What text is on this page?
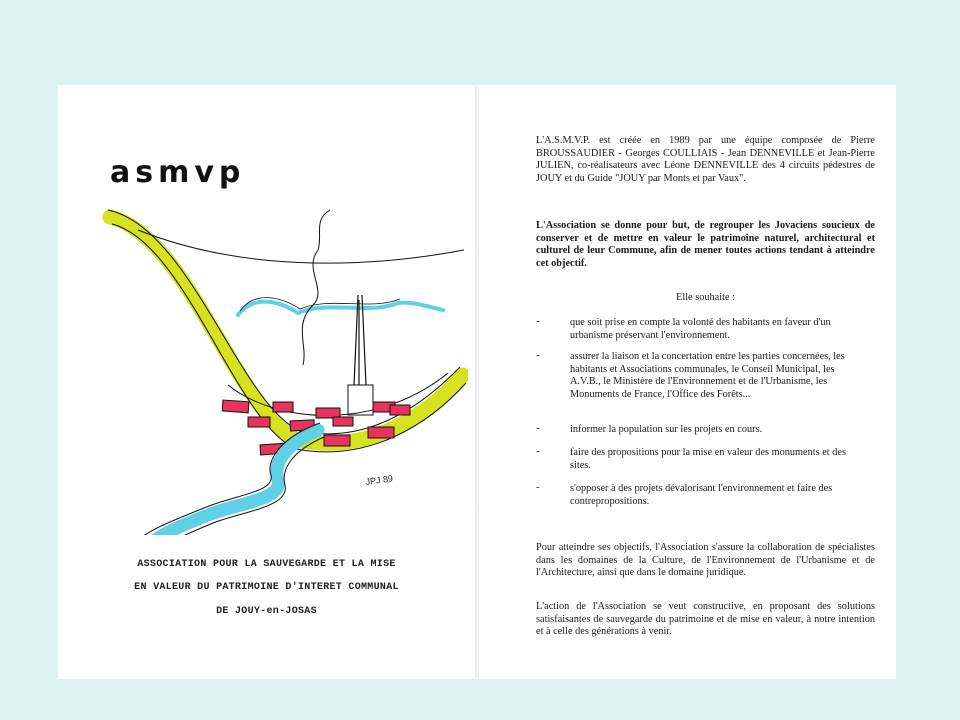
asmvp
JPJ 89
ASSOCIATION POUR LA SAUVEGARDE ET LA MISE
EN VALEUR DU PATRIMOINE D'INTERET COMMUNAL
DE JOUY-en-JOSAS
L'A.S.M.V.P. est créée en 1989 par une équipe composée de Pierre BROUSSAUDIER - Georges COULLIAIS - Jean DENNEVILLE et Jean-Pierre JULIEN, co-réalisateurs avec Léone DENNEVILLE des 4 circuits pédestres de JOUY et du Guide "JOUY par Monts et par Vaux".
L'Association se donne pour but, de regrouper les Jovaciens soucieux de conserver et de mettre en valeur le patrimoine naturel, architectural et culturel de leur Commune, afin de mener toutes actions tendant à atteindre cet objectif.
Elle souhaite :
-	que soit prise en compte la volonté des habitants en faveur d'un urbanisme préservant l'environnement.
-	assurer la liaison et la concertation entre les parties concernées, les habitants et Associations communales, le Conseil Municipal, les A.V.B., le Ministère de l'Environnement et de l'Urbanisme, les Monuments de France, l'Office des Forêts...
-	informer la population sur les projets en cours.
-	faire des propositions pour la mise en valeur des monuments et des sites.
-	s'opposer à des projets dévalorisant l'environnement et faire des contrepropositions.
Pour atteindre ses objectifs, l'Association s'assure la collaboration de spécialistes dans les domaines de la Culture, de l'Environnement de l'Urbanisme et de l'Architecture, ainsi que dans le domaine juridique.
L'action de l'Association se veut constructive, en proposant des solutions satisfaisantes de sauvegarde du patrimoine et de mise en valeur, à notre intention et à celle des générations à venir.
